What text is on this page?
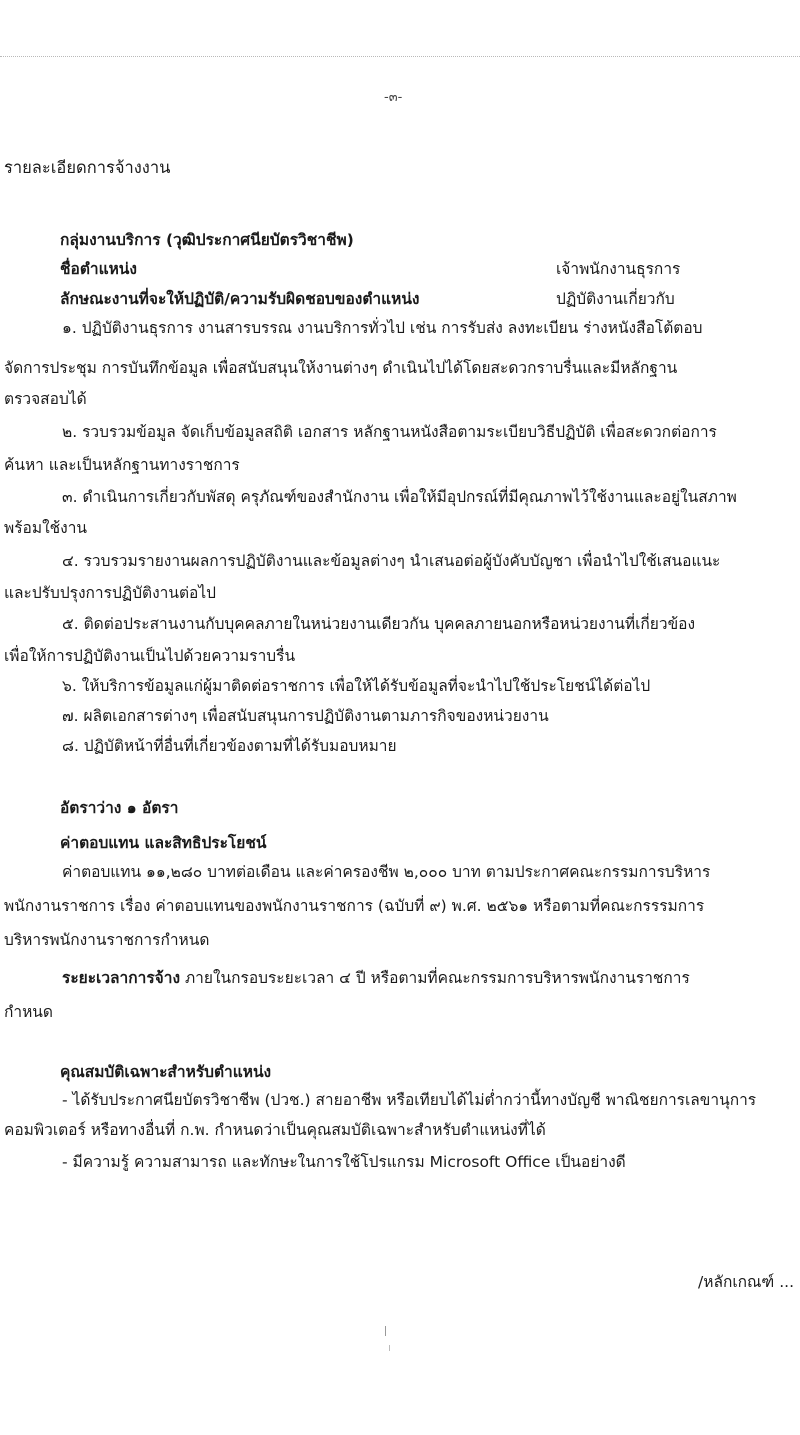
-๓-
รายละเอียดการจ้างงาน
กลุ่มงานบริการ (วุฒิประกาศนียบัตรวิชาชีพ)
ชื่อตำแหน่ง	เจ้าพนักงานธุรการ
ลักษณะงานที่จะให้ปฏิบัติ/ความรับผิดชอบของตำแหน่ง	ปฏิบัติงานเกี่ยวกับ
๑. ปฏิบัติงานธุรการ งานสารบรรณ งานบริการทั่วไป เช่น การรับส่ง ลงทะเบียน ร่างหนังสือโต้ตอบ
จัดการประชุม การบันทึกข้อมูล เพื่อสนับสนุนให้งานต่างๆ ดำเนินไปได้โดยสะดวกราบรื่นและมีหลักฐาน
ตรวจสอบได้
๒. รวบรวมข้อมูล จัดเก็บข้อมูลสถิติ เอกสาร หลักฐานหนังสือตามระเบียบวิธีปฏิบัติ เพื่อสะดวกต่อการ
ค้นหา และเป็นหลักฐานทางราชการ
๓. ดำเนินการเกี่ยวกับพัสดุ ครุภัณฑ์ของสำนักงาน เพื่อให้มีอุปกรณ์ที่มีคุณภาพไว้ใช้งานและอยู่ในสภาพ
พร้อมใช้งาน
๔. รวบรวมรายงานผลการปฏิบัติงานและข้อมูลต่างๆ นำเสนอต่อผู้บังคับบัญชา เพื่อนำไปใช้เสนอแนะ
และปรับปรุงการปฏิบัติงานต่อไป
๕. ติดต่อประสานงานกับบุคคลภายในหน่วยงานเดียวกัน บุคคลภายนอกหรือหน่วยงานที่เกี่ยวข้อง
เพื่อให้การปฏิบัติงานเป็นไปด้วยความราบรื่น
๖. ให้บริการข้อมูลแก่ผู้มาติดต่อราชการ เพื่อให้ได้รับข้อมูลที่จะนำไปใช้ประโยชน์ได้ต่อไป
๗. ผลิตเอกสารต่างๆ เพื่อสนับสนุนการปฏิบัติงานตามภารกิจของหน่วยงาน
๘. ปฏิบัติหน้าที่อื่นที่เกี่ยวข้องตามที่ได้รับมอบหมาย
อัตราว่าง ๑ อัตรา
ค่าตอบแทน และสิทธิประโยชน์
ค่าตอบแทน ๑๑,๒๘๐ บาทต่อเดือน และค่าครองชีพ ๒,๐๐๐ บาท ตามประกาศคณะกรรมการบริหาร
พนักงานราชการ เรื่อง ค่าตอบแทนของพนักงานราชการ (ฉบับที่ ๙) พ.ศ. ๒๕๖๑ หรือตามที่คณะกรรรมการ
บริหารพนักงานราชการกำหนด
ระยะเวลาการจ้าง ภายในกรอบระยะเวลา ๔ ปี หรือตามที่คณะกรรมการบริหารพนักงานราชการ
กำหนด
คุณสมบัติเฉพาะสำหรับตำแหน่ง
- ได้รับประกาศนียบัตรวิชาชีพ (ปวช.) สายอาชีพ หรือเทียบได้ไม่ต่ำกว่านี้ทางบัญชี พาณิชยการเลขานุการ
คอมพิวเตอร์ หรือทางอื่นที่ ก.พ. กำหนดว่าเป็นคุณสมบัติเฉพาะสำหรับตำแหน่งที่ได้
- มีความรู้ ความสามารถ และทักษะในการใช้โปรแกรม Microsoft Office เป็นอย่างดี
/หลักเกณฑ์ ...
